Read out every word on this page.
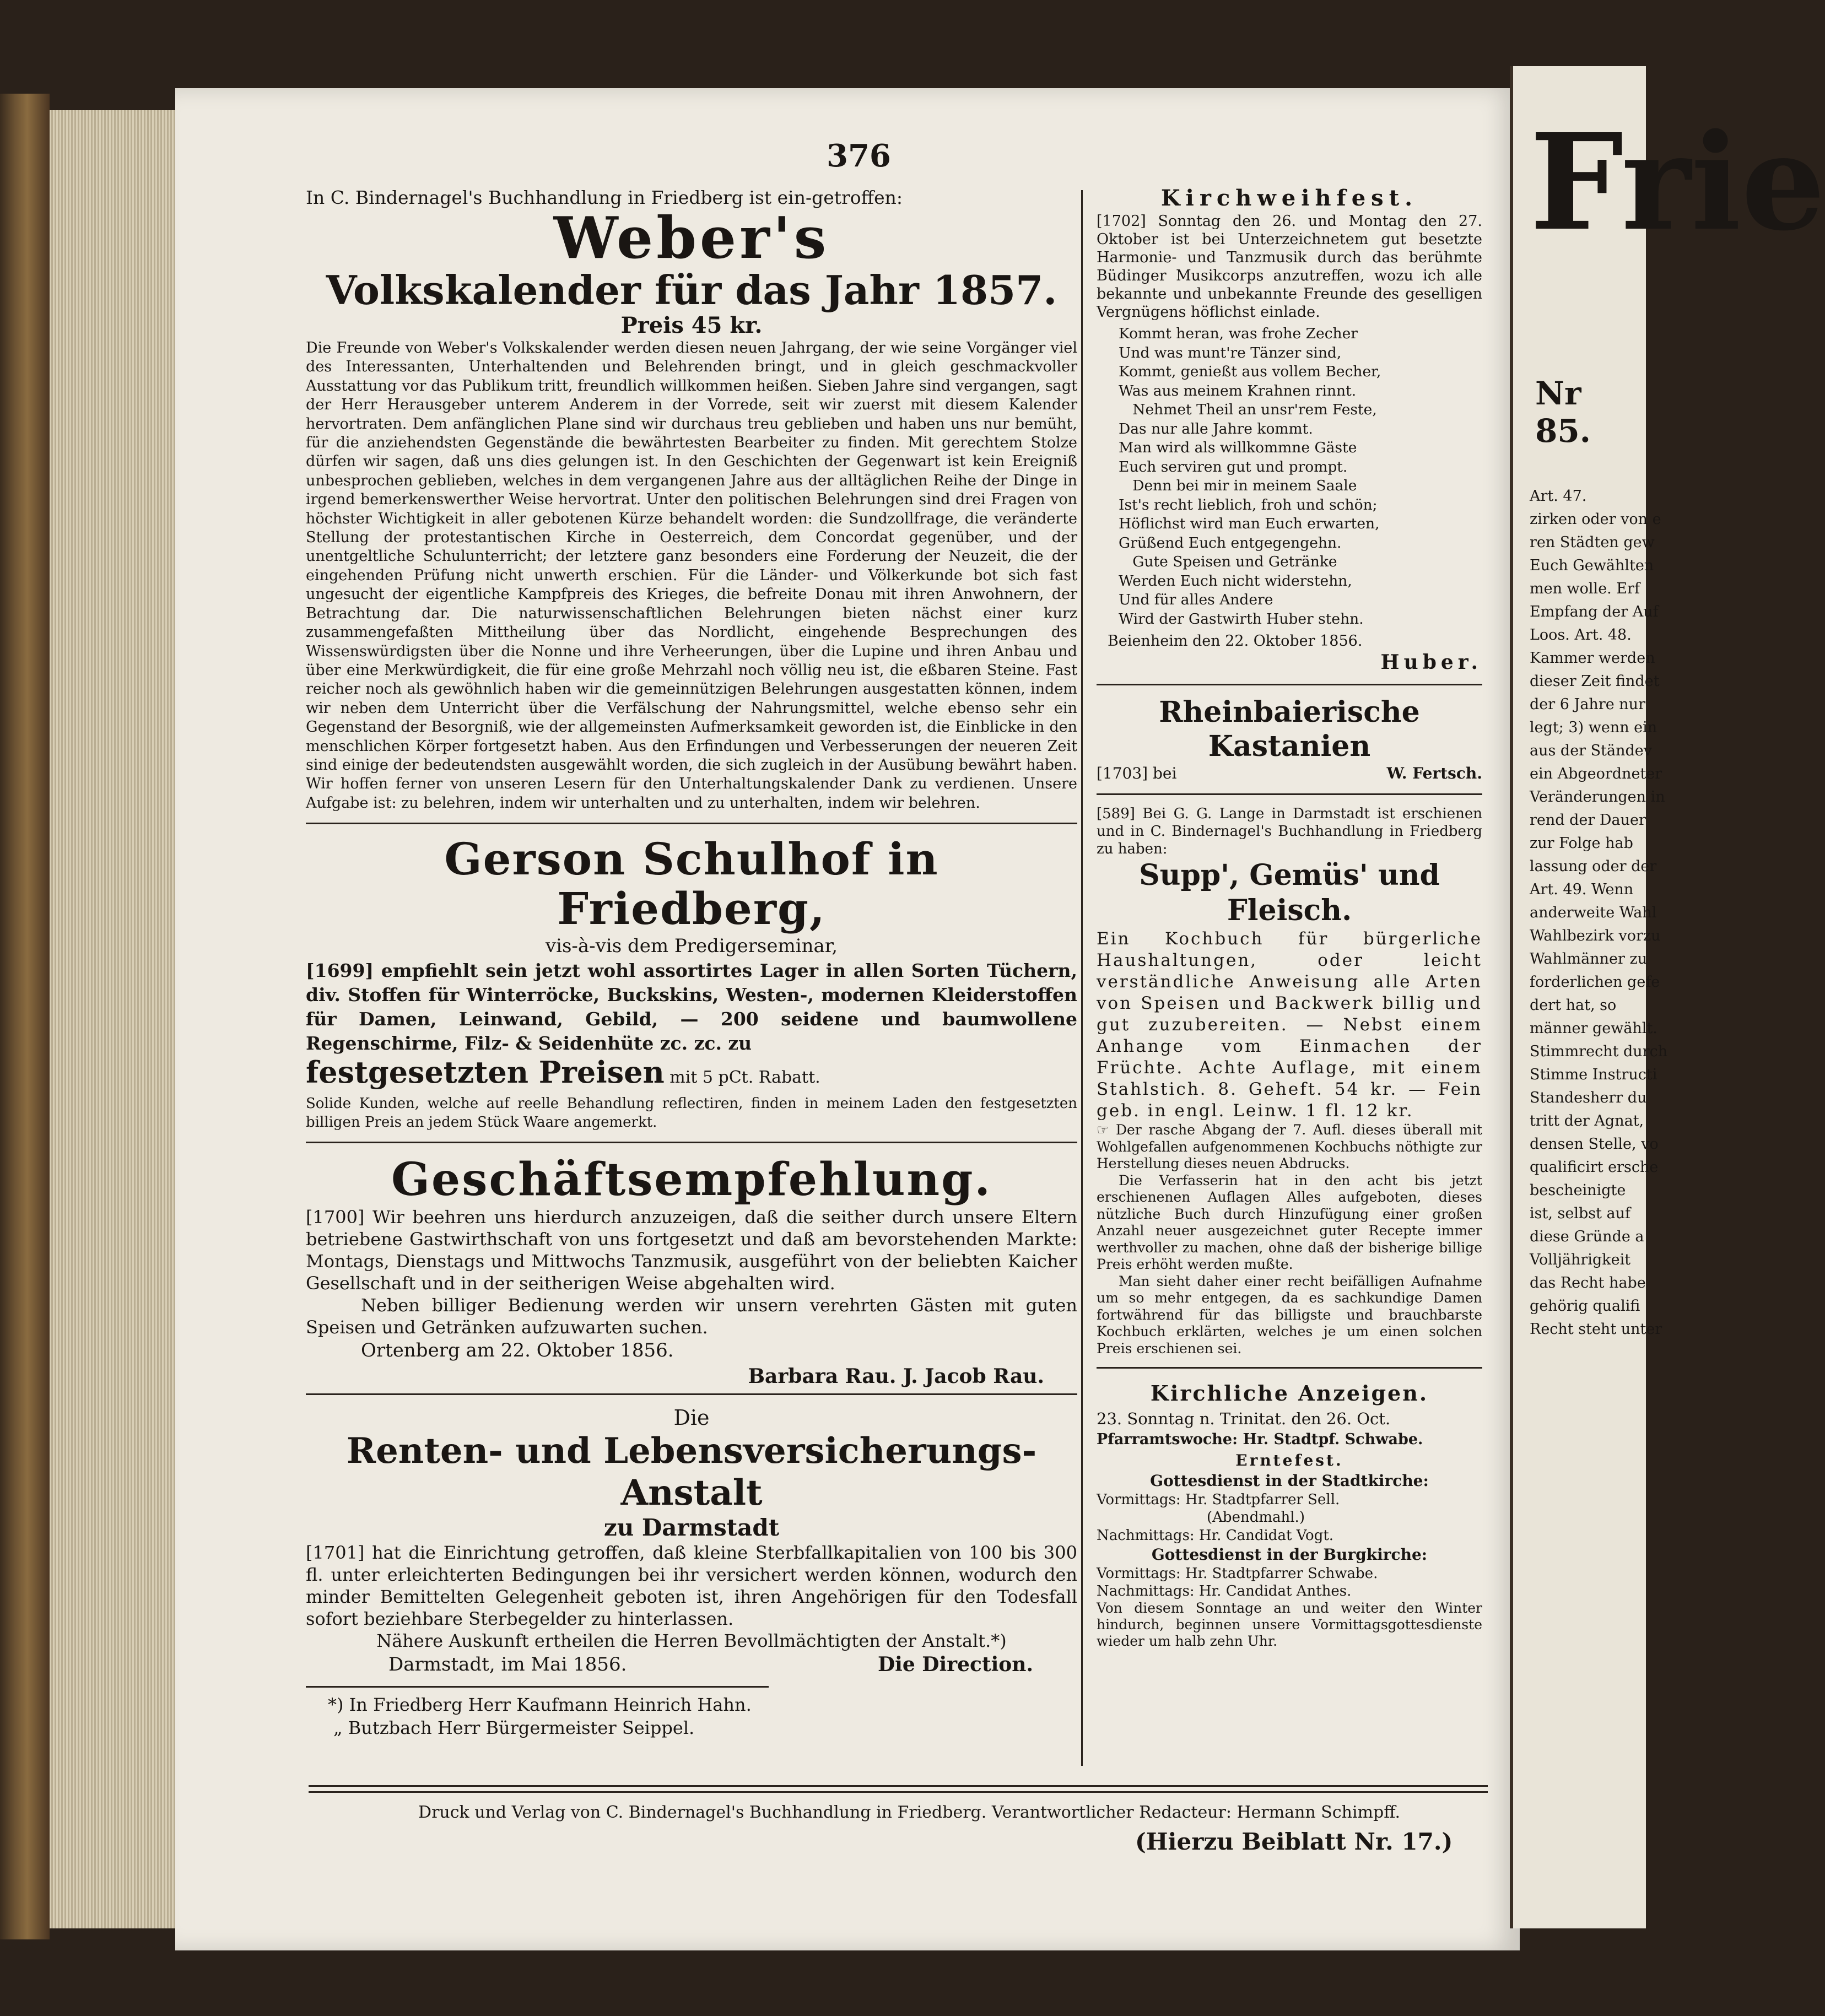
Frie
Nr 85.
Art. 47.
zirken oder von e
ren Städten gew
Euch Gewählten
men wolle. Erf
Empfang der Auf
Loos. Art. 48.
Kammer werden
dieser Zeit findet
der 6 Jahre nur
legt; 3) wenn ein
aus der Ständev
ein Abgeordneter
Veränderungen in
rend der Dauer
zur Folge hab
lassung oder der
Art. 49. Wenn
anderweite Wahl
Wahlbezirk vorzu
Wahlmänner zu
forderlichen gefe
dert hat, so
männer gewählt.
Stimmrecht durch
Stimme Instructi
Standesherr du
tritt der Agnat,
densen Stelle, vo
qualificirt ersche
bescheinigte
ist, selbst auf
diese Gründe a
Volljährigkeit
das Recht habe
gehörig qualifi
Recht steht unter
376

In C. Bindernagel's Buchhandlung in Friedberg ist ein-getroffen:

Weber's
Volkskalender für das Jahr 1857.
Preis 45 kr.

Die Freunde von Weber's Volkskalender werden diesen neuen Jahrgang, der wie seine Vorgänger viel des Interessanten, Unterhaltenden und Belehrenden bringt, und in gleich geschmackvoller Ausstattung vor das Publikum tritt, freundlich willkommen heißen. Sieben Jahre sind vergangen, sagt der Herr Herausgeber unterem Anderem in der Vorrede, seit wir zuerst mit diesem Kalender hervortraten. Dem anfänglichen Plane sind wir durchaus treu geblieben und haben uns nur bemüht, für die anziehendsten Gegenstände die bewährtesten Bearbeiter zu finden. Mit gerechtem Stolze dürfen wir sagen, daß uns dies gelungen ist. In den Geschichten der Gegenwart ist kein Ereigniß unbesprochen geblieben, welches in dem vergangenen Jahre aus der alltäglichen Reihe der Dinge in irgend bemerkenswerther Weise hervortrat. Unter den politischen Belehrungen sind drei Fragen von höchster Wichtigkeit in aller gebotenen Kürze behandelt worden: die Sundzollfrage, die veränderte Stellung der protestantischen Kirche in Oesterreich, dem Concordat gegenüber, und der unentgeltliche Schulunterricht; der letztere ganz besonders eine Forderung der Neuzeit, die der eingehenden Prüfung nicht unwerth erschien. Für die Länder- und Völkerkunde bot sich fast ungesucht der eigentliche Kampfpreis des Krieges, die befreite Donau mit ihren Anwohnern, der Betrachtung dar. Die naturwissenschaftlichen Belehrungen bieten nächst einer kurz zusammengefaßten Mittheilung über das Nordlicht, eingehende Besprechungen des Wissenswürdigsten über die Nonne und ihre Verheerungen, über die Lupine und ihren Anbau und über eine Merkwürdigkeit, die für eine große Mehrzahl noch völlig neu ist, die eßbaren Steine. Fast reicher noch als gewöhnlich haben wir die gemeinnützigen Belehrungen ausgestatten können, indem wir neben dem Unterricht über die Verfälschung der Nahrungsmittel, welche ebenso sehr ein Gegenstand der Besorgniß, wie der allgemeinsten Aufmerksamkeit geworden ist, die Einblicke in den menschlichen Körper fortgesetzt haben. Aus den Erfindungen und Verbesserungen der neueren Zeit sind einige der bedeutendsten ausgewählt worden, die sich zugleich in der Ausübung bewährt haben. Wir hoffen ferner von unseren Lesern für den Unterhaltungskalender Dank zu verdienen. Unsere Aufgabe ist: zu belehren, indem wir unterhalten und zu unterhalten, indem wir belehren.

Gerson Schulhof in Friedberg,
vis-à-vis dem Predigerseminar,

[1699] empfiehlt sein jetzt wohl assortirtes Lager in allen Sorten Tüchern, div. Stoffen für Winterröcke, Buckskins, Westen-, modernen Kleiderstoffen für Damen, Leinwand, Gebild, — 200 seidene und baumwollene Regenschirme, Filz- & Seidenhüte zc. zc. zu

festgesetzten Preisen mit 5 pCt. Rabatt.

Solide Kunden, welche auf reelle Behandlung reflectiren, finden in meinem Laden den festgesetzten billigen Preis an jedem Stück Waare angemerkt.

Geschäftsempfehlung.

[1700] Wir beehren uns hierdurch anzuzeigen, daß die seither durch unsere Eltern betriebene Gastwirthschaft von uns fortgesetzt und daß am bevorstehenden Markte: Montags, Dienstags und Mittwochs Tanzmusik, ausgeführt von der beliebten Kaicher Gesellschaft und in der seitherigen Weise abgehalten wird.

Neben billiger Bedienung werden wir unsern verehrten Gästen mit guten Speisen und Getränken aufzuwarten suchen.

Ortenberg am 22. Oktober 1856.
Barbara Rau. J. Jacob Rau.
Die
Renten- und Lebensversicherungs-Anstalt
zu Darmstadt

[1701] hat die Einrichtung getroffen, daß kleine Sterbfallkapitalien von 100 bis 300 fl. unter erleichterten Bedingungen bei ihr versichert werden können, wodurch den minder Bemittelten Gelegenheit geboten ist, ihren Angehörigen für den Todesfall sofort beziehbare Sterbegelder zu hinterlassen.

Nähere Auskunft ertheilen die Herren Bevollmächtigten der Anstalt.*)
Darmstadt, im Mai 1856.	Die Direction.
*) In Friedberg Herr Kaufmann Heinrich Hahn.
„ Butzbach Herr Bürgermeister Seippel.
Kirchweihfest.

[1702] Sonntag den 26. und Montag den 27. Oktober ist bei Unterzeichnetem gut besetzte Harmonie- und Tanzmusik durch das berühmte Büdinger Musikcorps anzutreffen, wozu ich alle bekannte und unbekannte Freunde des geselligen Vergnügens höflichst einlade.

Kommt heran, was frohe Zecher
Und was munt're Tänzer sind,
Kommt, genießt aus vollem Becher,
Was aus meinem Krahnen rinnt.
Nehmet Theil an unsr'rem Feste,
Das nur alle Jahre kommt.
Man wird als willkommne Gäste
Euch serviren gut und prompt.
Denn bei mir in meinem Saale
Ist's recht lieblich, froh und schön;
Höflichst wird man Euch erwarten,
Grüßend Euch entgegengehn.
Gute Speisen und Getränke
Werden Euch nicht widerstehn,
Und für alles Andere
Wird der Gastwirth Huber stehn.
Beienheim den 22. Oktober 1856.
Huber.
Rheinbaierische Kastanien
[1703] bei	W. Fertsch.

[589] Bei G. G. Lange in Darmstadt ist erschienen und in C. Bindernagel's Buchhandlung in Friedberg zu haben:

Supp', Gemüs' und Fleisch.

Ein Kochbuch für bürgerliche Haushaltungen, oder leicht verständliche Anweisung alle Arten von Speisen und Backwerk billig und gut zuzubereiten. — Nebst einem Anhange vom Einmachen der Früchte. Achte Auflage, mit einem Stahlstich. 8. Geheft. 54 kr. — Fein geb. in engl. Leinw. 1 fl. 12 kr.

☞ Der rasche Abgang der 7. Aufl. dieses überall mit Wohlgefallen aufgenommenen Kochbuchs nöthigte zur Herstellung dieses neuen Abdrucks.

Die Verfasserin hat in den acht bis jetzt erschienenen Auflagen Alles aufgeboten, dieses nützliche Buch durch Hinzufügung einer großen Anzahl neuer ausgezeichnet guter Recepte immer werthvoller zu machen, ohne daß der bisherige billige Preis erhöht werden mußte.

Man sieht daher einer recht beifälligen Aufnahme um so mehr entgegen, da es sachkundige Damen fortwährend für das billigste und brauchbarste Kochbuch erklärten, welches je um einen solchen Preis erschienen sei.

Kirchliche Anzeigen.
23. Sonntag n. Trinitat. den 26. Oct.
Pfarramtswoche: Hr. Stadtpf. Schwabe.
Erntefest.
Gottesdienst in der Stadtkirche:
Vormittags: Hr. Stadtpfarrer Sell.
(Abendmahl.)
Nachmittags: Hr. Candidat Vogt.
Gottesdienst in der Burgkirche:
Vormittags: Hr. Stadtpfarrer Schwabe.
Nachmittags: Hr. Candidat Anthes.

Von diesem Sonntage an und weiter den Winter hindurch, beginnen unsere Vormittagsgottesdienste wieder um halb zehn Uhr.

Druck und Verlag von C. Bindernagel's Buchhandlung in Friedberg. Verantwortlicher Redacteur: Hermann Schimpff.
(Hierzu Beiblatt Nr. 17.)
